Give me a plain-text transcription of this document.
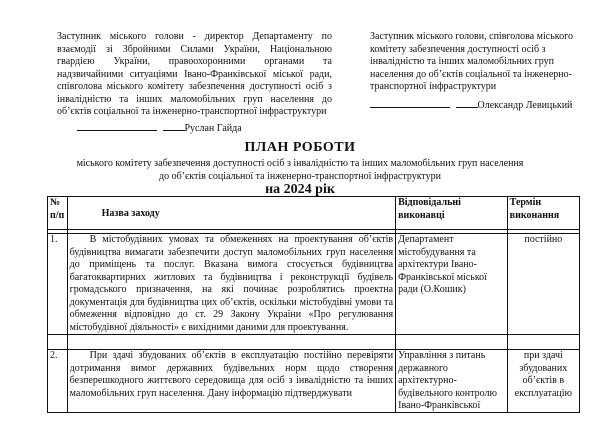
Заступник міського голови - директор Департаменту по взаємодії зі Збройними Силами України, Національною гвардією України, правоохоронними органами та надзвичайними ситуаціями Івано-Франківської міської ради, співголова міського комітету забезпечення доступності осіб з інвалідністю та інших маломобільних груп населення до об’єктів соціальної та інженерно-транспортної інфраструктури
Руслан Гайда
Заступник міського голови, співголова міського комітету забезпечення доступності осіб з інвалідністю та інших маломобільних груп населення до об’єктів соціальної та інженерно-транспортної інфраструктури
Олександр Левицький
ПЛАН РОБОТИ
міського комітету забезпечення доступності осіб з інвалідністю та інших маломобільних груп населення
до об’єктів соціальної та інженерно-транспортної інфраструктури
на 2024 рік
№ п/п	Назва заходу	Відповідальні виконавці	Термін виконання

1.	В містобудівних умовах та обмеженнях на проектування об’єктів будівництва вимагати забезпечити доступ маломобільних груп населення до приміщень та послуг. Вказана вимога стосується будівництва багатоквартирних житлових та будівництва і реконструкції будівель громадського призначення, на які починає розроблятись проектна документація для будівництва цих об’єктів, оскільки містобудівні умови та обмеження відповідно до ст. 29 Закону України «Про регулювання містобудівної діяльності» є вихідними даними для проектування.	Департамент містобудування та архітектури Івано-Франківської міської ради (О.Кошик)	постійно

2.	При здачі збудованих об’єктів в експлуатацію постійно перевіряти дотримання вимог державних будівельних норм щодо створення безперешкодного життєвого середовища для осіб з інвалідністю та інших маломобільних груп населення. Дану інформацію підтверджувати	Управління з питань державного архітектурно-будівельного контролю Івано-Франківської	при здачі збудованих об’єктів в експлуатацію
